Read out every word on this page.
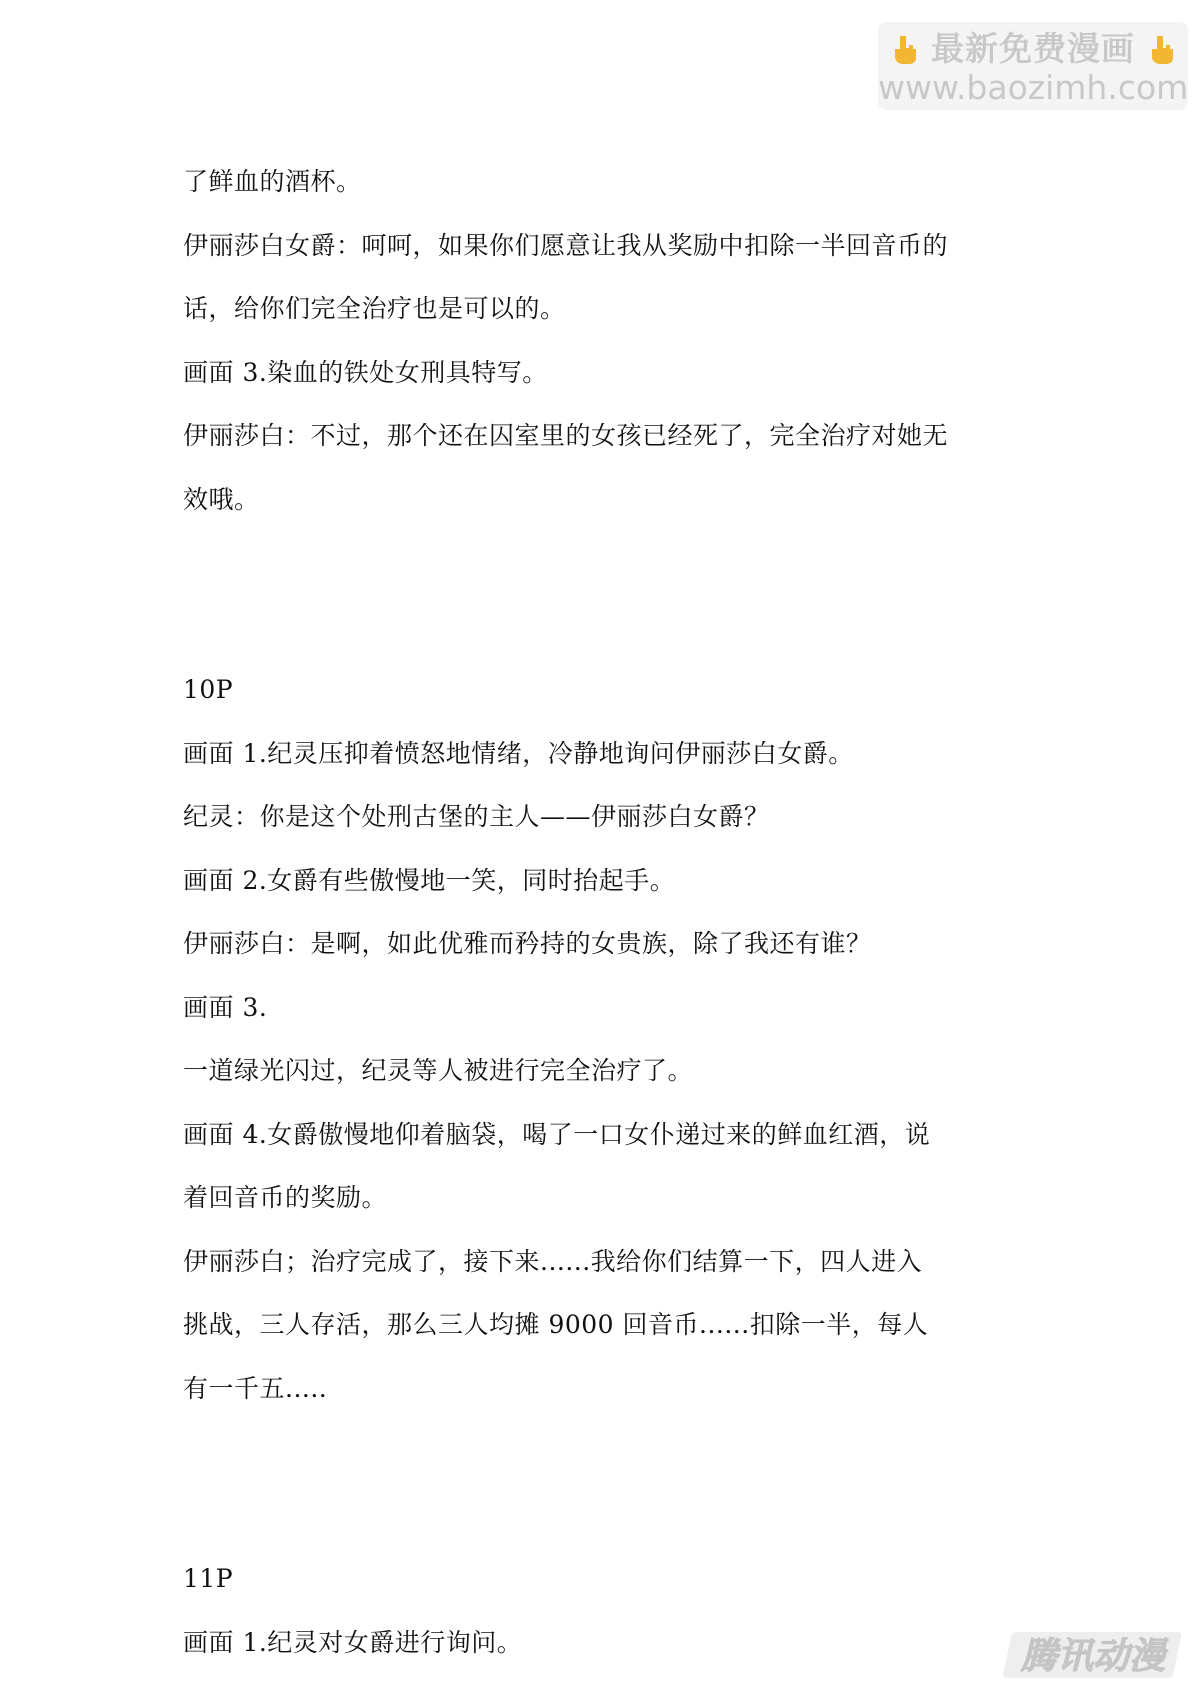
最新免费漫画
www.baozimh.com
了鲜血的酒杯。
伊丽莎白女爵：呵呵，如果你们愿意让我从奖励中扣除一半回音币的
话，给你们完全治疗也是可以的。
画面 3.染血的铁处女刑具特写。
伊丽莎白：不过，那个还在囚室里的女孩已经死了，完全治疗对她无
效哦。
10P
画面 1.纪灵压抑着愤怒地情绪，冷静地询问伊丽莎白女爵。
纪灵：你是这个处刑古堡的主人——伊丽莎白女爵？
画面 2.女爵有些傲慢地一笑，同时抬起手。
伊丽莎白：是啊，如此优雅而矜持的女贵族，除了我还有谁？
画面 3.
一道绿光闪过，纪灵等人被进行完全治疗了。
画面 4.女爵傲慢地仰着脑袋，喝了一口女仆递过来的鲜血红酒，说
着回音币的奖励。
伊丽莎白；治疗完成了，接下来......我给你们结算一下，四人进入
挑战，三人存活，那么三人均摊 9000 回音币......扣除一半，每人
有一千五.....
11P
画面 1.纪灵对女爵进行询问。	腾讯动漫
